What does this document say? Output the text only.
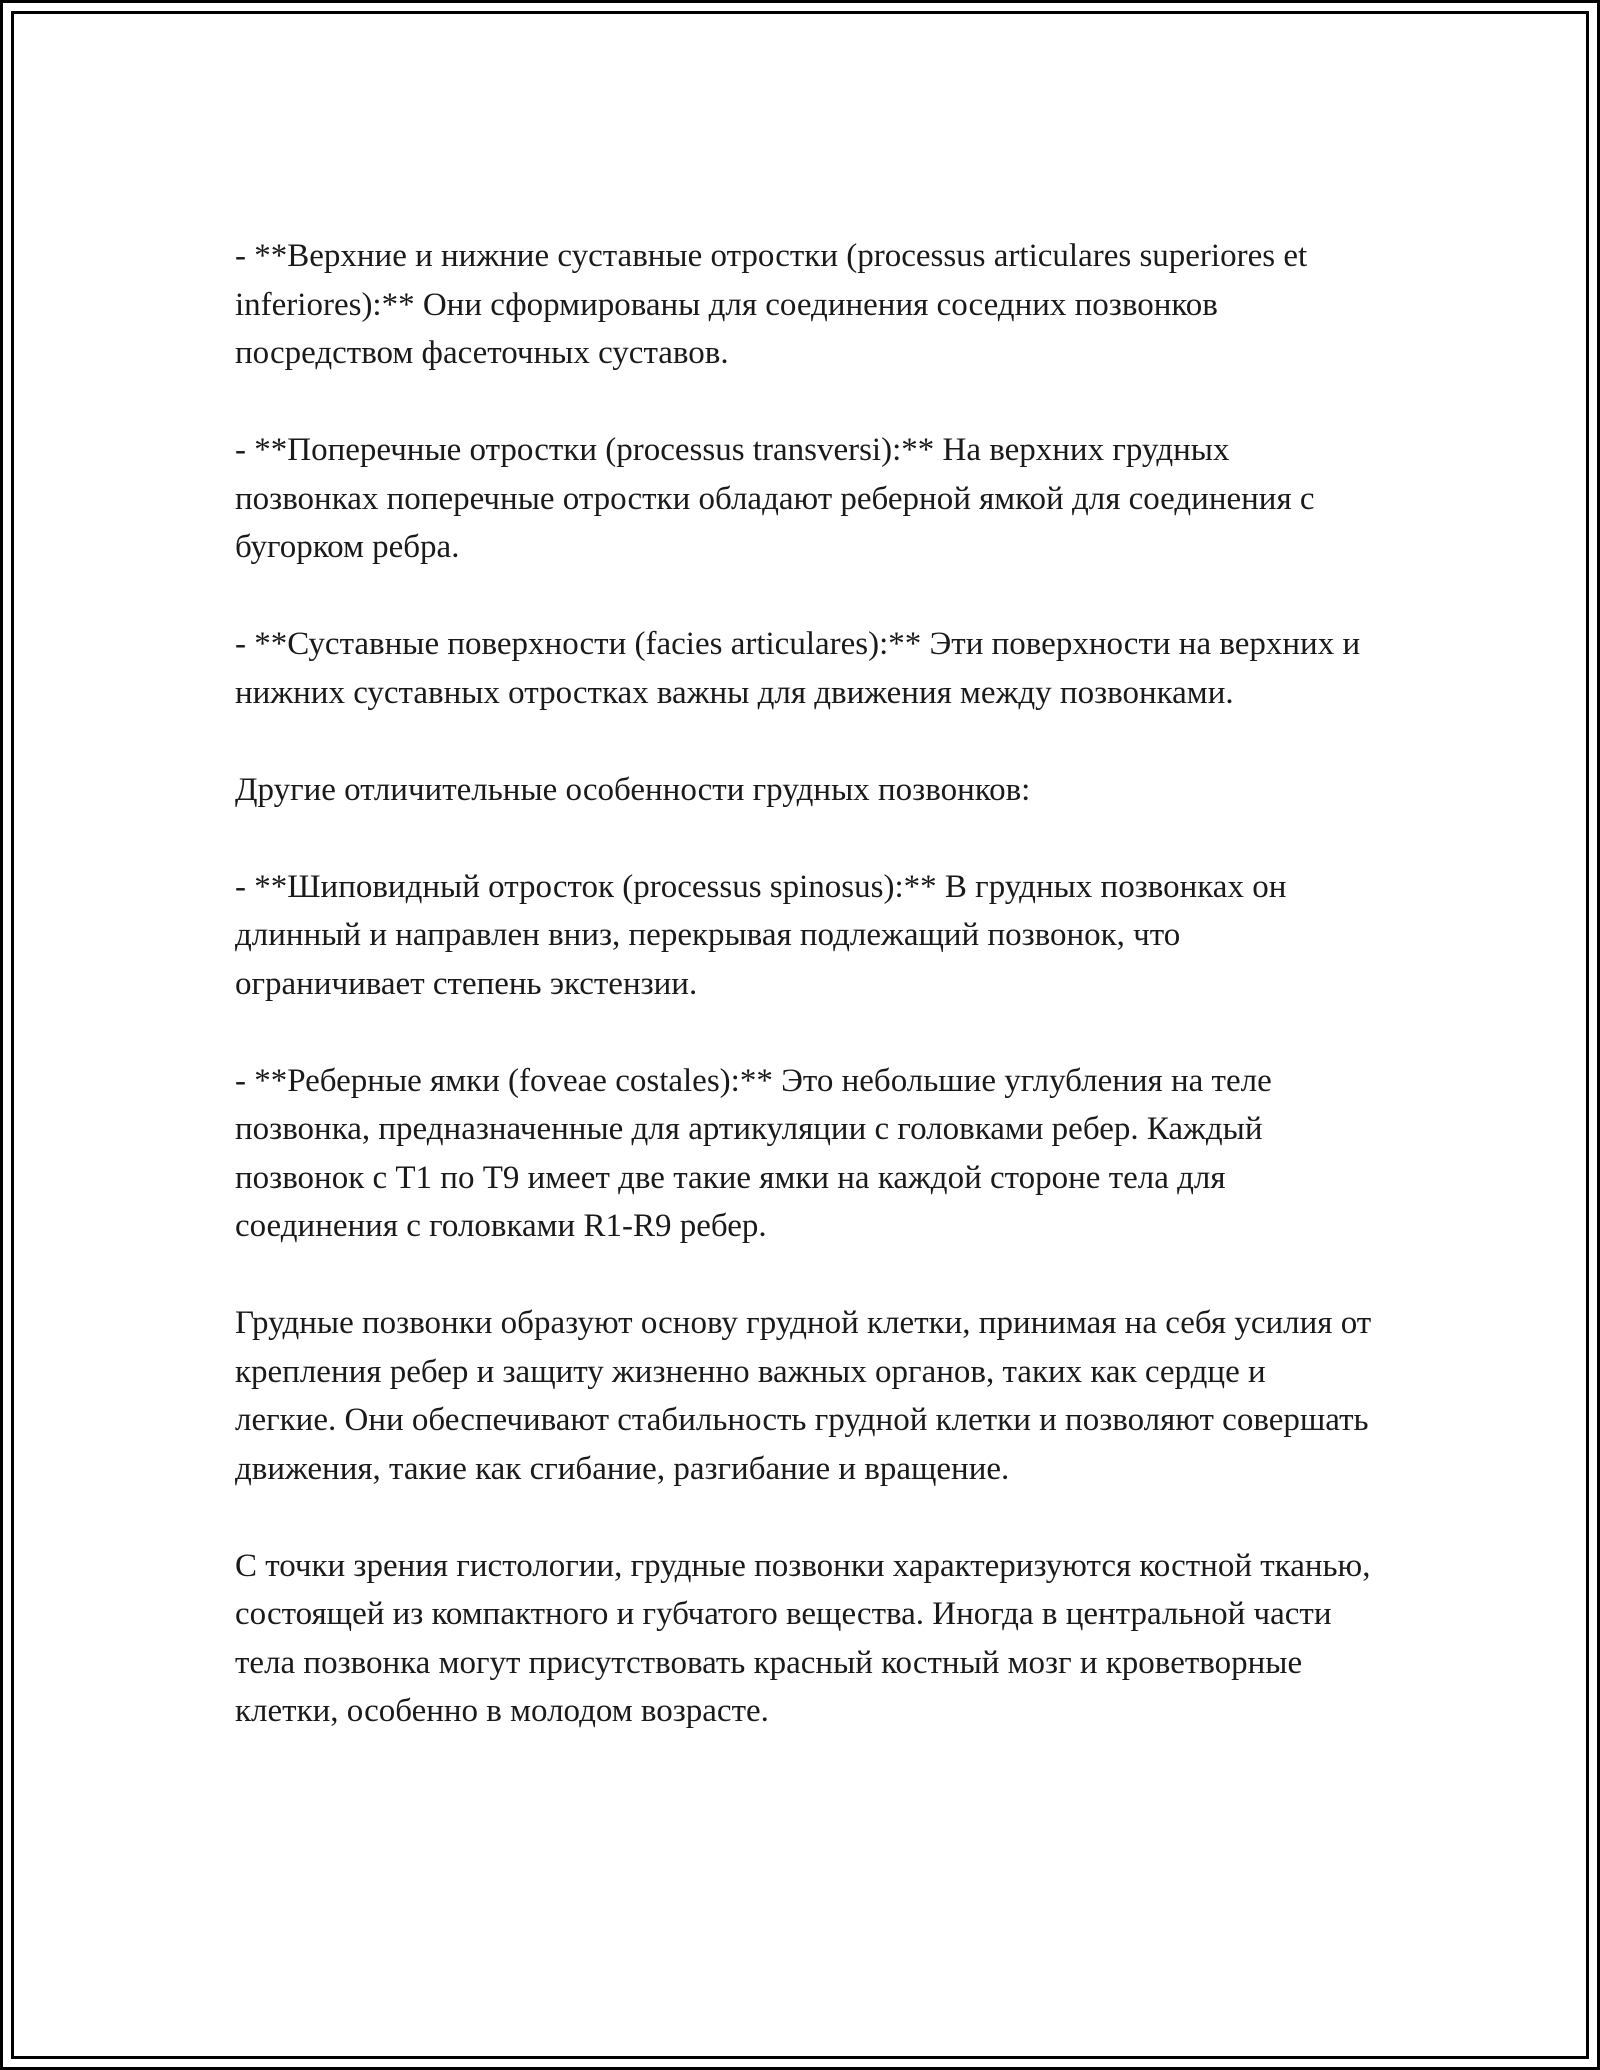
- **Верхние и нижние суставные отростки (processus articulares superiores et inferiores):** Они сформированы для соединения соседних позвонков посредством фасеточных суставов.

- **Поперечные отростки (processus transversi):** На верхних грудных позвонках поперечные отростки обладают реберной ямкой для соединения с бугорком ребра.

- **Суставные поверхности (facies articulares):** Эти поверхности на верхних и нижних суставных отростках важны для движения между позвонками.

Другие отличительные особенности грудных позвонков:

- **Шиповидный отросток (processus spinosus):** В грудных позвонках он длинный и направлен вниз, перекрывая подлежащий позвонок, что ограничивает степень экстензии.

- **Реберные ямки (foveae costales):** Это небольшие углубления на теле позвонка, предназначенные для артикуляции с головками ребер. Каждый позвонок с T1 по T9 имеет две такие ямки на каждой стороне тела для соединения с головками R1-R9 ребер.

Грудные позвонки образуют основу грудной клетки, принимая на себя усилия от крепления ребер и защиту жизненно важных органов, таких как сердце и легкие. Они обеспечивают стабильность грудной клетки и позволяют совершать движения, такие как сгибание, разгибание и вращение.

С точки зрения гистологии, грудные позвонки характеризуются костной тканью, состоящей из компактного и губчатого вещества. Иногда в центральной части тела позвонка могут присутствовать красный костный мозг и кроветворные клетки, особенно в молодом возрасте.
